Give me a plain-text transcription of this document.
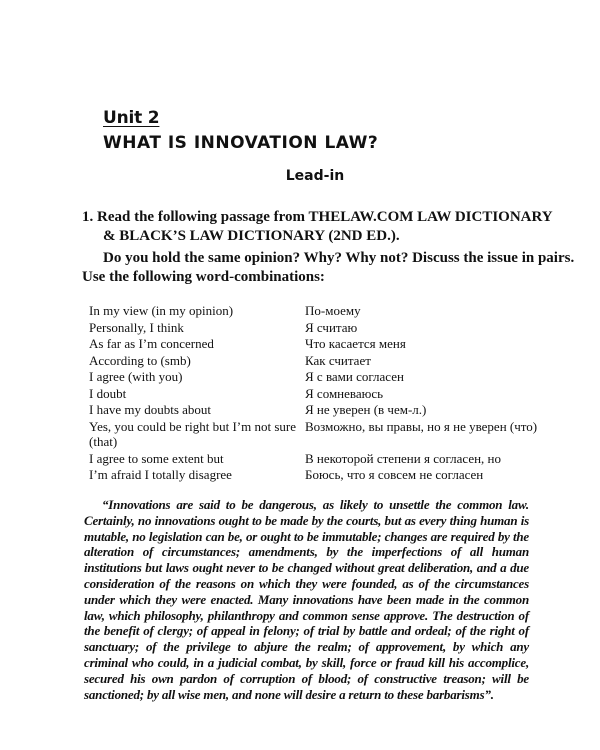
Unit 2
WHAT IS INNOVATION LAW?
Lead-in
1. Read the following passage from THELAW.COM LAW DICTIONARY
& BLACK’S LAW DICTIONARY (2ND ED.).
Do you hold the same opinion? Why? Why not? Discuss the issue in pairs.
Use the following word-combinations:
In my view (in my opinion)	По-моему
Personally, I think	Я считаю
As far as I’m concerned	Что касается меня
According to (smb)	Как считает
I agree (with you)	Я с вами согласен
I doubt	Я сомневаюсь
I have my doubts about	Я не уверен (в чем-л.)
Yes, you could be right but I’m not sure (that)	Возможно, вы правы, но я не уверен (что)
I agree to some extent but	В некоторой степени я согласен, но
I’m afraid I totally disagree	Боюсь, что я совсем не согласен
“Innovations are said to be dangerous, as likely to unsettle the common law. Certainly, no innovations ought to be made by the courts, but as every thing human is mutable, no legislation can be, or ought to be immutable; changes are required by the alteration of circumstances; amendments, by the imperfections of all human institutions but laws ought never to be changed without great deliberation, and a due consideration of the reasons on which they were founded, as of the circumstances under which they were enacted. Many innovations have been made in the common law, which philosophy, philanthropy and common sense approve. The destruction of the benefit of clergy; of appeal in felony; of trial by battle and ordeal; of the right of sanctuary; of the privilege to abjure the realm; of approvement, by which any criminal who could, in a judicial combat, by skill, force or fraud kill his accomplice, secured his own pardon of corruption of blood; of constructive treason; will be sanctioned; by all wise men, and none will desire a return to these barbarisms”.
